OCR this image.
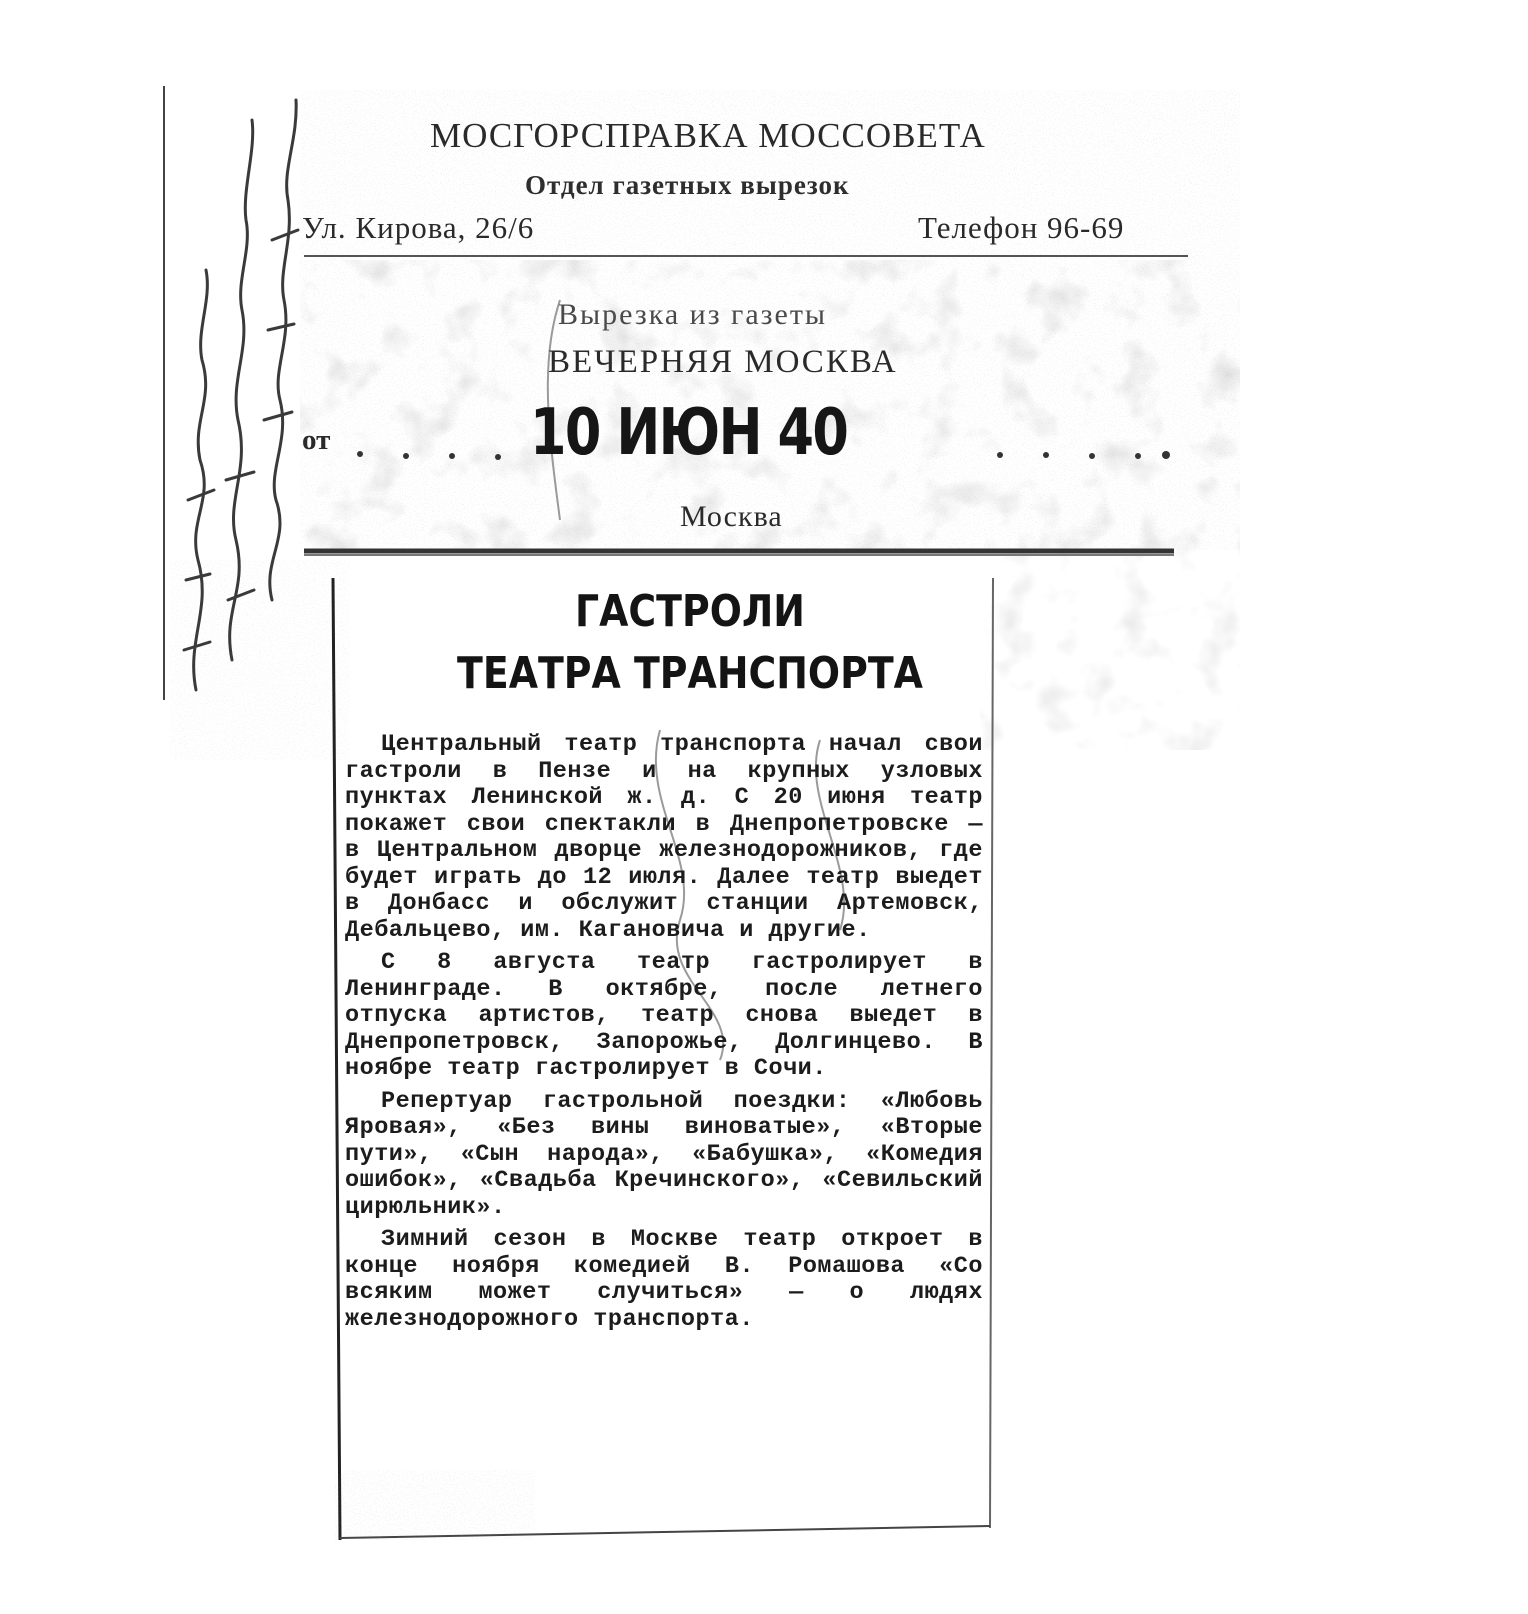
МОСГОРСПРАВКА МОССОВЕТА
Отдел газетных вырезок
Ул. Кирова, 26/6	Телефон 96-69
Вырезка из газеты
ВЕЧЕРНЯЯ МОСКВА
от	10 ИЮН 40
Москва
ГАСТРОЛИ
ТЕАТРА ТРАНСПОРТА

Центральный театр транспорта начал свои гастроли в Пензе и на крупных узловых пунктах Ленинской ж. д. С 20 июня театр покажет свои спектакли в Днепропетровске — в Центральном дворце железнодорожников, где будет играть до 12 июля. Далее театр выедет в Донбасс и обслужит станции Артемовск, Дебальцево, им. Кагановича и другие.

С 8 августа театр гастролирует в Ленинграде. В октябре, после летнего отпуска артистов, театр снова выедет в Днепропетровск, Запорожье, Долгинцево. В ноябре театр гастролирует в Сочи.

Репертуар гастрольной поездки: «Любовь Яровая», «Без вины виноватые», «Вторые пути», «Сын народа», «Бабушка», «Комедия ошибок», «Свадьба Кречинского», «Севильский цирюльник».

Зимний сезон в Москве театр откроет в конце ноября комедией В. Ромашова «Со всяким может случиться» — о людях железнодорожного транспорта.
